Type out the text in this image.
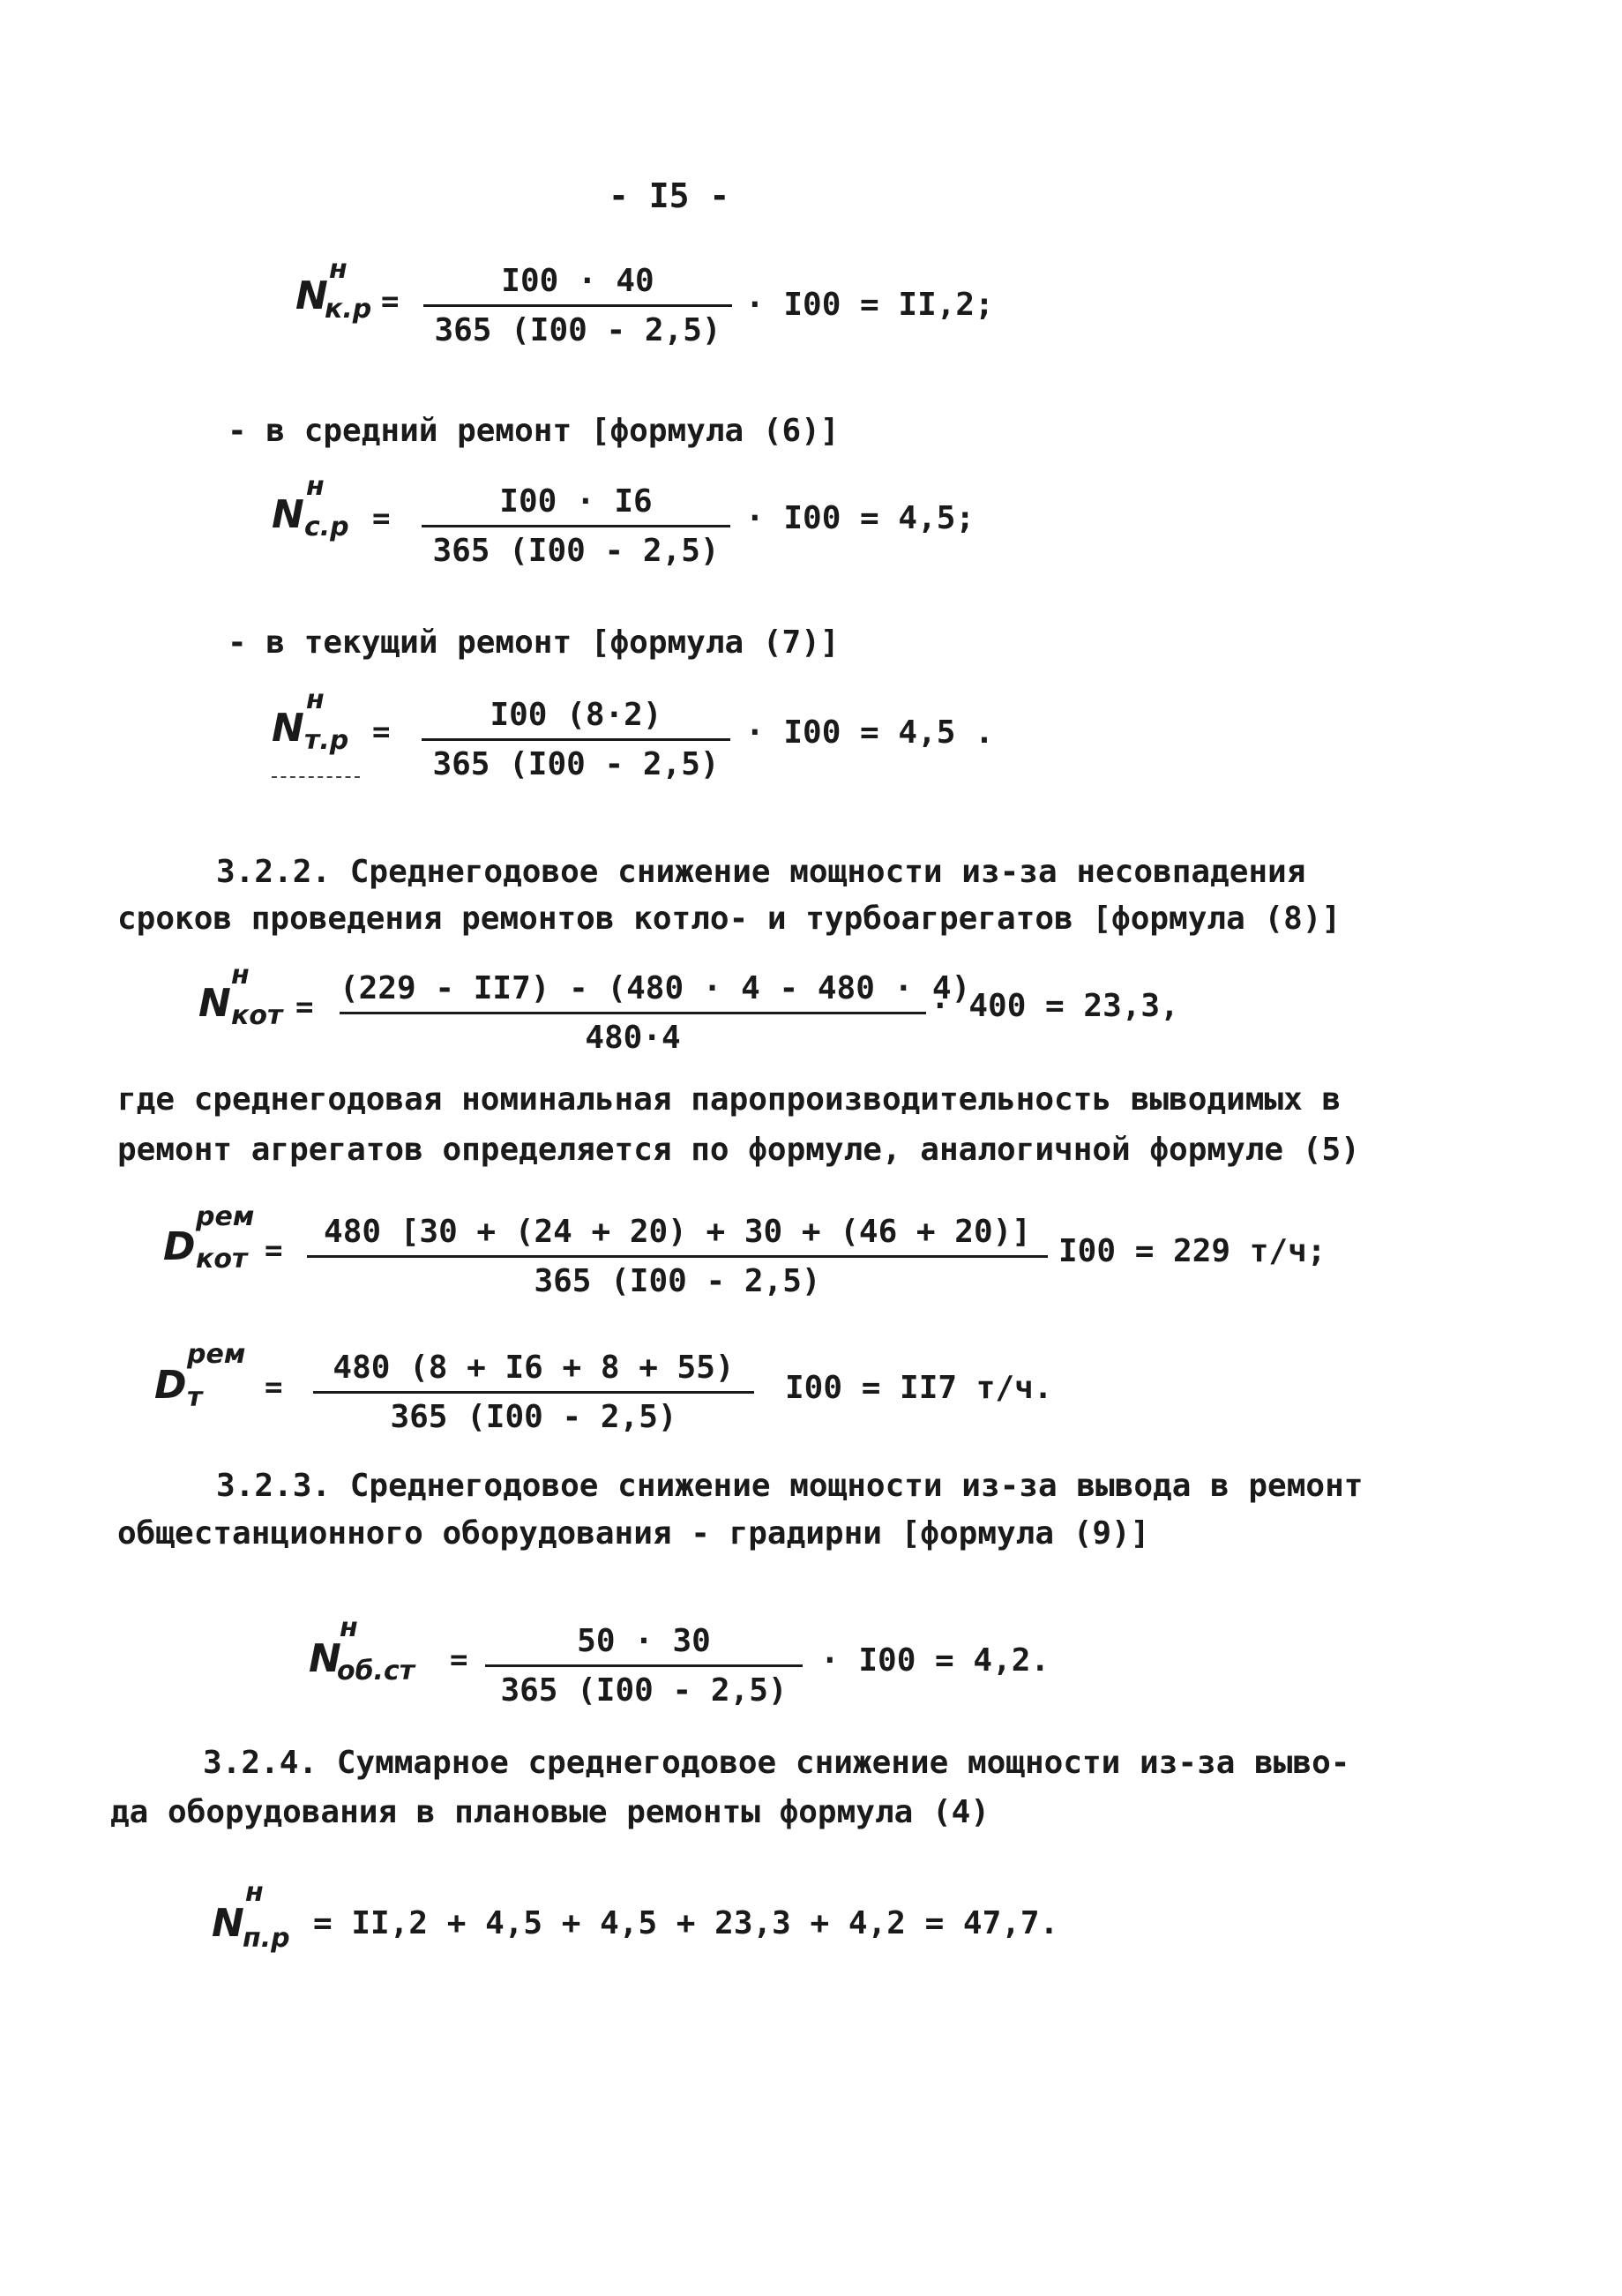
- I5 -
N
н
к.р =
I00 · 40
365 (I00 - 2,5)
· I00 = II,2;
- в средний ремонт [формула (6)]
N
н
с.р =	I00 · I6
365 (I00 - 2,5)
· I00 = 4,5;
- в текущий ремонт [формула (7)]
N
н
т.р =	I00 (8·2)
365 (I00 - 2,5)
· I00 = 4,5 .
3.2.2. Среднегодовое снижение мощности из-за несовпадения
сроков проведения ремонтов котло- и турбоагрегатов [формула (8)]
N
н
кот =
(229 - II7) - (480 · 4 - 480 · 4)
480·4
· 400 = 23,3,
где среднегодовая номинальная паропроизводительность выводимых в
ремонт агрегатов определяется по формуле, аналогичной формуле (5)
D
рем
кот =
480 [30 + (24 + 20) + 30 + (46 + 20)]
365 (I00 - 2,5)
I00 = 229 т/ч;
D
рем
т =
480 (8 + I6 + 8 + 55)
365 (I00 - 2,5)
I00 = II7 т/ч.
3.2.3. Среднегодовое снижение мощности из-за вывода в ремонт
общестанционного оборудования - градирни [формула (9)]
N
н
об.ст =
50 · 30
365 (I00 - 2,5)
· I00 = 4,2.
3.2.4. Суммарное среднегодовое снижение мощности из-за выво-
да оборудования в плановые ремонты формула (4)
N
н
п.р = II,2 + 4,5 + 4,5 + 23,3 + 4,2 = 47,7.
